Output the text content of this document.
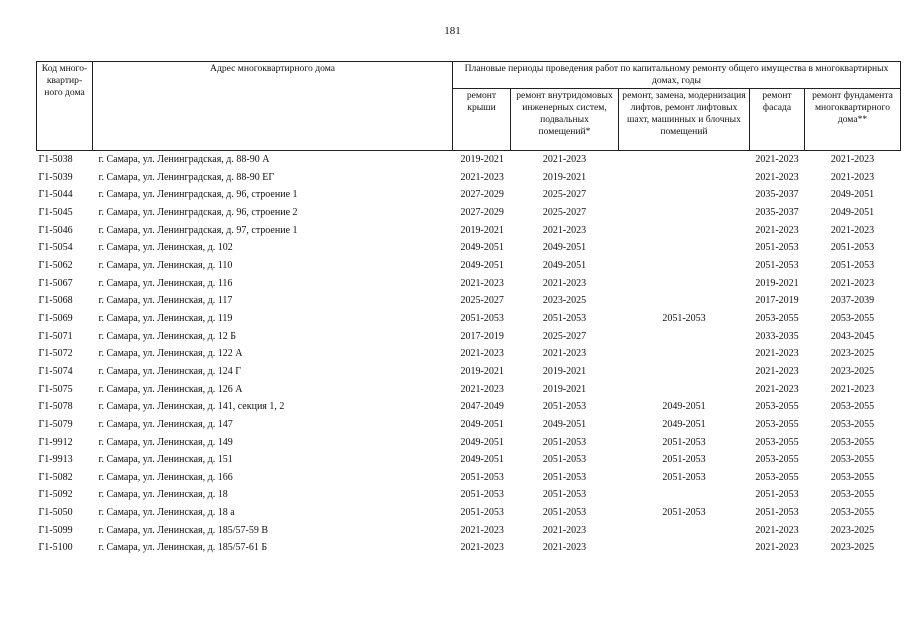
181
Код много-квартир-ного дома	Адрес многоквартирного дома	Плановые периоды проведения работ по капитальному ремонту общего имущества в многоквартирных домах, годы				
		ремонт крыши	ремонт внутридомовых инженерных систем, подвальных помещений*	ремонт, замена, модернизация лифтов, ремонт лифтовых шахт, машинных и блочных помещений	ремонт фасада	ремонт фундамента многоквартирного дома**
Г1-5038	г. Самара, ул. Ленинградская, д. 88-90 А	2019-2021	2021-2023		2021-2023	2021-2023
Г1-5039	г. Самара, ул. Ленинградская, д. 88-90 ЕГ	2021-2023	2019-2021		2021-2023	2021-2023
Г1-5044	г. Самара, ул. Ленинградская, д. 96, строение 1	2027-2029	2025-2027		2035-2037	2049-2051
Г1-5045	г. Самара, ул. Ленинградская, д. 96, строение 2	2027-2029	2025-2027		2035-2037	2049-2051
Г1-5046	г. Самара, ул. Ленинградская, д. 97, строение 1	2019-2021	2021-2023		2021-2023	2021-2023
Г1-5054	г. Самара, ул. Ленинская, д. 102	2049-2051	2049-2051		2051-2053	2051-2053
Г1-5062	г. Самара, ул. Ленинская, д. 110	2049-2051	2049-2051		2051-2053	2051-2053
Г1-5067	г. Самара, ул. Ленинская, д. 116	2021-2023	2021-2023		2019-2021	2021-2023
Г1-5068	г. Самара, ул. Ленинская, д. 117	2025-2027	2023-2025		2017-2019	2037-2039
Г1-5069	г. Самара, ул. Ленинская, д. 119	2051-2053	2051-2053	2051-2053	2053-2055	2053-2055
Г1-5071	г. Самара, ул. Ленинская, д. 12 Б	2017-2019	2025-2027		2033-2035	2043-2045
Г1-5072	г. Самара, ул. Ленинская, д. 122 А	2021-2023	2021-2023		2021-2023	2023-2025
Г1-5074	г. Самара, ул. Ленинская, д. 124 Г	2019-2021	2019-2021		2021-2023	2023-2025
Г1-5075	г. Самара, ул. Ленинская, д. 126 А	2021-2023	2019-2021		2021-2023	2021-2023
Г1-5078	г. Самара, ул. Ленинская, д. 141, секция 1, 2	2047-2049	2051-2053	2049-2051	2053-2055	2053-2055
Г1-5079	г. Самара, ул. Ленинская, д. 147	2049-2051	2049-2051	2049-2051	2053-2055	2053-2055
Г1-9912	г. Самара, ул. Ленинская, д. 149	2049-2051	2051-2053	2051-2053	2053-2055	2053-2055
Г1-9913	г. Самара, ул. Ленинская, д. 151	2049-2051	2051-2053	2051-2053	2053-2055	2053-2055
Г1-5082	г. Самара, ул. Ленинская, д. 166	2051-2053	2051-2053	2051-2053	2053-2055	2053-2055
Г1-5092	г. Самара, ул. Ленинская, д. 18	2051-2053	2051-2053		2051-2053	2053-2055
Г1-5050	г. Самара, ул. Ленинская, д. 18 а	2051-2053	2051-2053	2051-2053	2051-2053	2053-2055
Г1-5099	г. Самара, ул. Ленинская, д. 185/57-59 В	2021-2023	2021-2023		2021-2023	2023-2025
Г1-5100	г. Самара, ул. Ленинская, д. 185/57-61 Б	2021-2023	2021-2023		2021-2023	2023-2025
